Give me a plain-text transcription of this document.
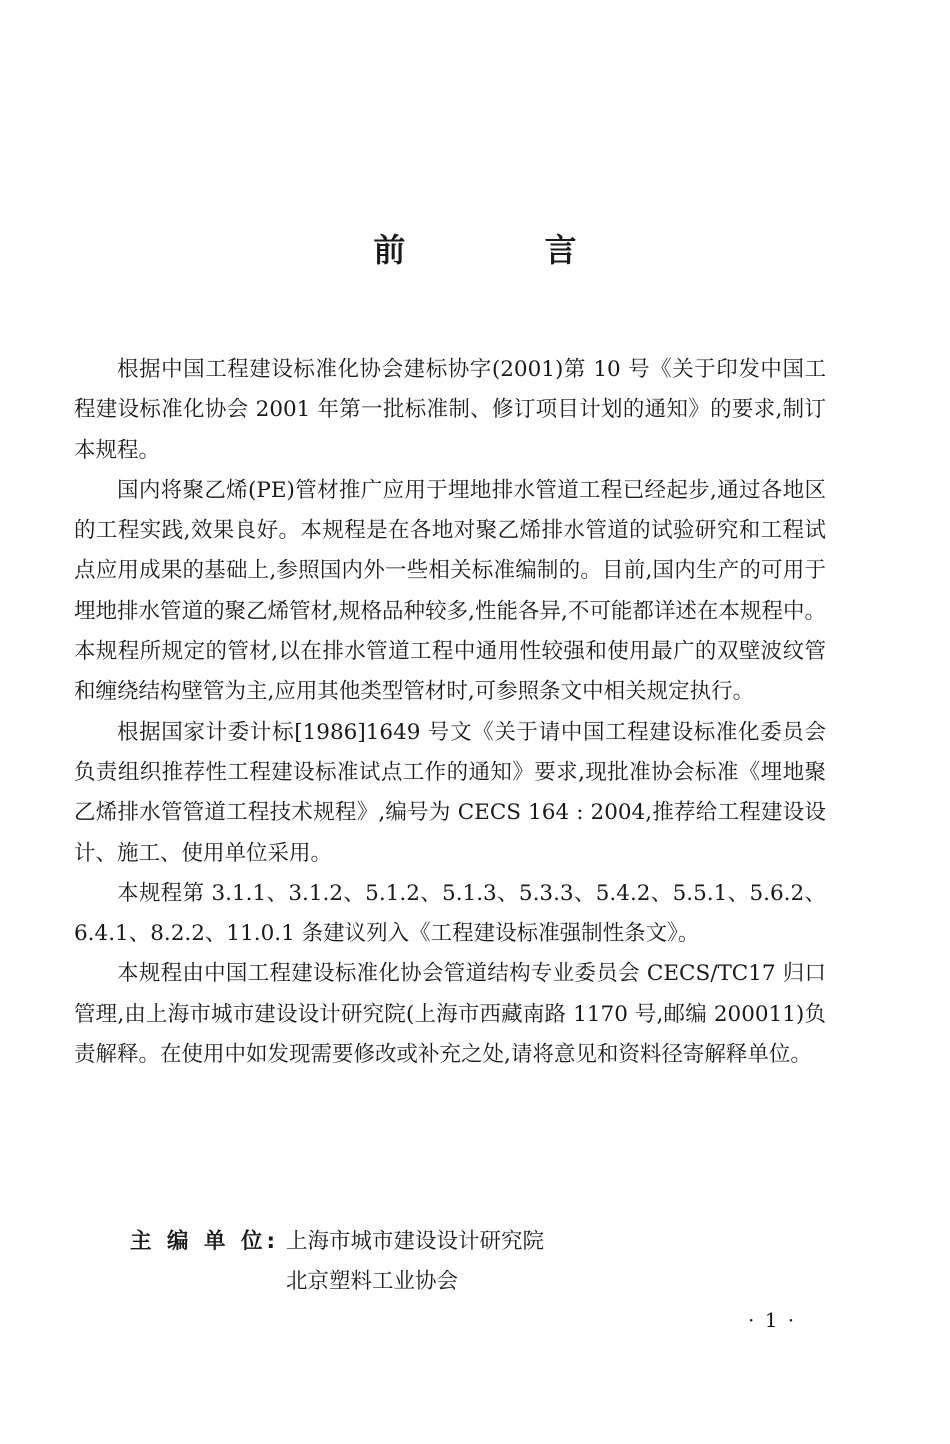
前 言

根据中国工程建设标准化协会建标协字(2001)第 10 号《关于印发中国工程建设标准化协会 2001 年第一批标准制、修订项目计划的通知》的要求,制订本规程。

国内将聚乙烯(PE)管材推广应用于埋地排水管道工程已经起步,通过各地区的工程实践,效果良好。本规程是在各地对聚乙烯排水管道的试验研究和工程试点应用成果的基础上,参照国内外一些相关标准编制的。目前,国内生产的可用于埋地排水管道的聚乙烯管材,规格品种较多,性能各异,不可能都详述在本规程中。本规程所规定的管材,以在排水管道工程中通用性较强和使用最广的双壁波纹管和缠绕结构壁管为主,应用其他类型管材时,可参照条文中相关规定执行。

根据国家计委计标[1986]1649 号文《关于请中国工程建设标准化委员会负责组织推荐性工程建设标准试点工作的通知》要求,现批准协会标准《埋地聚乙烯排水管管道工程技术规程》,编号为 CECS 164 : 2004,推荐给工程建设设计、施工、使用单位采用。

本规程第 3.1.1、3.1.2、5.1.2、5.1.3、5.3.3、5.4.2、5.5.1、5.6.2、6.4.1、8.2.2、11.0.1 条建议列入《工程建设标准强制性条文》。

本规程由中国工程建设标准化协会管道结构专业委员会 CECS/TC17 归口管理,由上海市城市建设设计研究院(上海市西藏南路 1170 号,邮编 200011)负责解释。在使用中如发现需要修改或补充之处,请将意见和资料径寄解释单位。

主 编 单 位: 上海市城市建设设计研究院
北京塑料工业协会
· 1 ·
